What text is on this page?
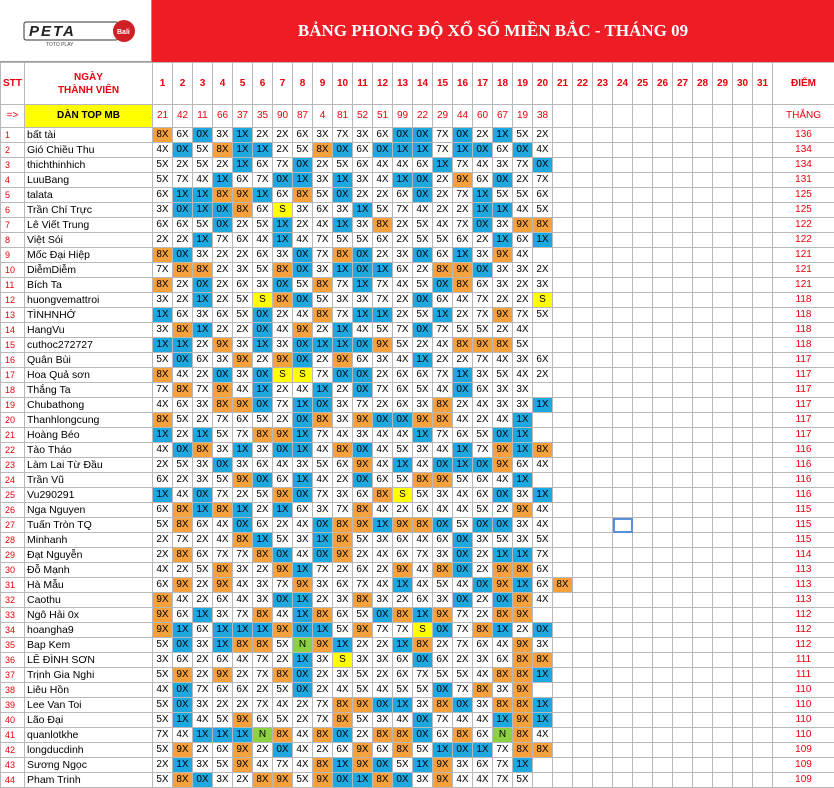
PETA	Bali
TOTO PLAY
BẢNG PHONG ĐỘ XỔ SỐ MIỀN BẮC - THÁNG 09
STT	NGÀY
THÀNH VIÊN	1	2	3	4	5	6	7	8	9	10	11	12	13	14	15	16	17	18	19	20	21	22	23	24	25	26	27	28	29	30	31	ĐIỂM
=>	DÀN TOP MB	21	42	11	66	37	35	90	87	4	81	52	51	99	22	29	44	60	67	19	38												THẮNG
1	bất tài	8X	6X	0X	3X	1X	2X	2X	6X	3X	7X	3X	6X	0X	0X	7X	0X	2X	1X	5X	2X												136
2	Gió Chiều Thu	4X	0X	5X	8X	1X	1X	2X	5X	8X	0X	6X	0X	1X	1X	7X	1X	0X	6X	0X	4X												134
3	thichthinhich	5X	2X	5X	2X	1X	6X	7X	0X	2X	5X	6X	4X	4X	6X	1X	7X	4X	3X	7X	0X												134
4	LuuBang	5X	7X	4X	1X	6X	7X	0X	1X	3X	1X	3X	4X	1X	0X	2X	9X	6X	0X	2X	7X												131
5	talata	6X	1X	1X	8X	9X	1X	6X	8X	5X	0X	2X	2X	6X	0X	2X	7X	1X	5X	5X	6X												125
6	Trần Chí Trực	3X	0X	1X	0X	8X	6X	S	3X	6X	3X	1X	5X	7X	4X	2X	2X	1X	1X	4X	5X												125
7	Lê Viết Trung	6X	6X	5X	0X	2X	5X	1X	2X	4X	1X	3X	8X	2X	5X	4X	7X	0X	3X	9X	8X												122
8	Việt Sói	2X	2X	1X	7X	6X	4X	1X	4X	7X	5X	5X	6X	2X	5X	5X	6X	2X	1X	6X	1X												122
9	Mốc Đại Hiệp	8X	0X	3X	2X	2X	6X	3X	0X	7X	8X	0X	2X	3X	0X	6X	1X	3X	9X	4X													121
10	DiễmDiễm	7X	8X	8X	2X	3X	5X	8X	0X	3X	1X	0X	1X	6X	2X	8X	9X	0X	3X	3X	2X												121
11	Bích Ta	8X	2X	0X	2X	6X	3X	0X	5X	8X	7X	1X	7X	4X	5X	0X	8X	6X	3X	2X	3X												121
12	huongvemattroi	3X	2X	1X	2X	5X	S	8X	0X	5X	3X	3X	7X	2X	0X	6X	4X	7X	2X	2X	S												118
13	TÌNHNHỚ	1X	6X	3X	6X	5X	0X	2X	4X	8X	7X	1X	1X	2X	5X	1X	2X	7X	9X	7X	5X												118
14	HangVu	3X	8X	1X	2X	2X	0X	4X	9X	2X	1X	4X	5X	7X	0X	7X	5X	5X	2X	4X													118
15	cuthoc272727	1X	1X	2X	9X	3X	1X	3X	0X	1X	1X	0X	9X	5X	2X	4X	8X	9X	8X	5X													118
16	Quân Bùi	5X	0X	6X	3X	9X	2X	9X	0X	2X	9X	6X	3X	4X	1X	2X	2X	7X	4X	3X	6X												117
17	Hoa Quả sơn	8X	4X	2X	0X	3X	0X	S	S	7X	0X	0X	2X	6X	6X	7X	1X	3X	5X	4X	2X												117
18	Thắng Ta	7X	8X	7X	9X	4X	1X	2X	4X	1X	2X	0X	7X	6X	5X	4X	0X	6X	3X	3X													117
19	Chubathong	4X	6X	3X	8X	9X	0X	7X	1X	0X	3X	7X	2X	6X	3X	8X	2X	4X	3X	3X	1X												117
20	Thanhlongcung	8X	5X	2X	7X	6X	5X	2X	0X	8X	3X	9X	0X	0X	9X	8X	4X	2X	4X	1X													117
21	Hoàng Béo	1X	2X	1X	5X	7X	8X	9X	1X	7X	4X	3X	4X	4X	1X	7X	6X	5X	0X	1X													117
22	Tào Tháo	4X	0X	8X	3X	1X	3X	0X	1X	4X	8X	0X	4X	5X	3X	4X	1X	7X	9X	1X	8X												116
23	Làm Lai Từ Đầu	2X	5X	3X	0X	3X	6X	4X	3X	5X	6X	9X	4X	1X	4X	0X	1X	0X	9X	6X	4X												116
24	Trần Vũ	6X	2X	3X	5X	9X	0X	6X	1X	4X	2X	0X	6X	5X	8X	9X	5X	6X	4X	1X													116
25	Vu290291	1X	4X	0X	7X	2X	5X	9X	0X	7X	3X	6X	8X	S	5X	3X	4X	6X	0X	3X	1X												116
26	Nga Nguyen	6X	8X	1X	8X	1X	2X	1X	6X	3X	7X	8X	4X	2X	6X	4X	4X	5X	2X	9X	4X												115
27	Tuấn Tròn TQ	5X	8X	6X	4X	0X	6X	2X	4X	0X	8X	9X	1X	9X	8X	0X	5X	0X	0X	3X	4X												115
28	Minhanh	2X	7X	2X	4X	8X	1X	5X	3X	1X	8X	5X	3X	6X	4X	6X	0X	3X	5X	3X	5X												115
29	Đạt Nguyễn	2X	8X	6X	7X	7X	8X	0X	4X	0X	9X	2X	4X	6X	7X	3X	0X	2X	1X	1X	7X												114
30	Đỗ Mạnh	4X	2X	5X	8X	3X	2X	9X	1X	7X	2X	6X	2X	9X	4X	8X	0X	2X	9X	8X	6X												113
31	Hà Mẫu	6X	9X	2X	9X	4X	3X	7X	9X	3X	6X	7X	4X	1X	4X	5X	4X	0X	9X	1X	6X	8X											113
32	Caothu	9X	4X	2X	6X	4X	3X	0X	1X	2X	3X	8X	3X	2X	6X	3X	0X	2X	0X	8X	4X												113
33	Ngô Hải 0x	9X	6X	1X	3X	7X	8X	4X	1X	8X	6X	5X	0X	8X	1X	9X	7X	2X	8X	9X													112
34	hoangha9	9X	1X	6X	1X	1X	1X	9X	0X	1X	5X	9X	7X	7X	S	0X	7X	8X	1X	2X	0X												112
35	Bap Kem	5X	0X	3X	1X	8X	8X	5X	N	9X	1X	2X	2X	1X	8X	2X	7X	6X	4X	9X	3X												112
36	LÊ ĐÌNH SƠN	3X	6X	2X	6X	4X	7X	2X	1X	3X	S	3X	3X	6X	0X	6X	2X	3X	6X	8X	8X												111
37	Trịnh Gia Nghi	5X	9X	2X	9X	2X	7X	8X	0X	2X	3X	5X	2X	6X	7X	5X	5X	4X	8X	8X	1X												111
38	Liêu Hồn	4X	0X	7X	6X	6X	2X	5X	0X	2X	4X	5X	4X	5X	5X	0X	7X	8X	3X	9X													110
39	Lee Van Toi	5X	0X	3X	2X	2X	7X	4X	2X	7X	8X	9X	0X	1X	3X	8X	0X	3X	8X	8X	1X												110
40	Lão Đại	5X	1X	4X	5X	9X	6X	5X	2X	7X	8X	5X	3X	4X	0X	7X	4X	4X	1X	9X	1X												110
41	quanlotkhe	7X	4X	1X	1X	1X	N	8X	4X	8X	0X	2X	8X	8X	0X	6X	8X	6X	N	8X	4X												110
42	longducdinh	5X	9X	2X	6X	9X	2X	0X	4X	2X	6X	9X	6X	8X	5X	1X	0X	1X	7X	8X	8X												109
43	Sương Ngọc	2X	1X	3X	5X	9X	4X	7X	4X	8X	1X	9X	0X	5X	1X	9X	3X	6X	7X	1X													109
44	Pham Trinh	5X	8X	0X	3X	2X	8X	9X	5X	9X	0X	1X	8X	0X	3X	9X	4X	4X	7X	5X													109
